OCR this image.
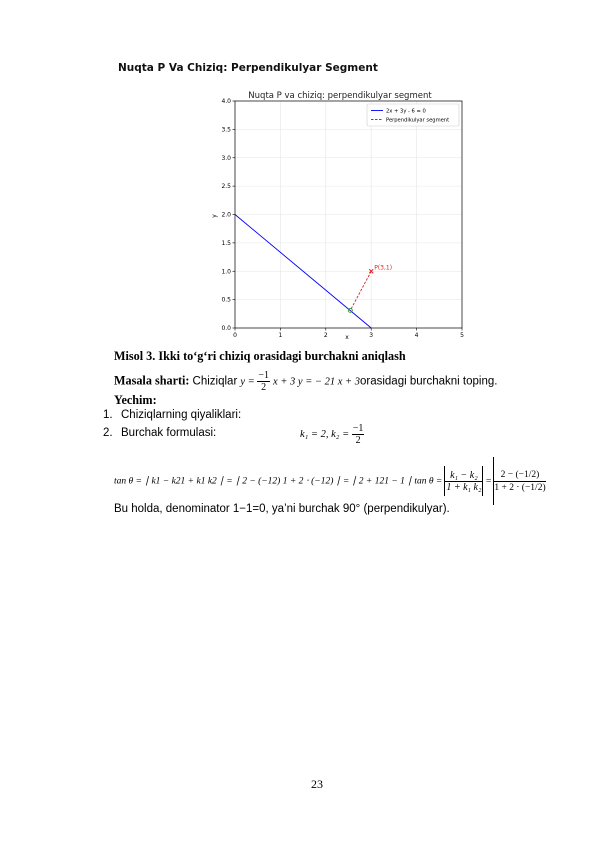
Nuqta P Va Chiziq: Perpendikulyar Segment
Nuqta P va chiziq: perpendikulyar segment
0	1	2	3	4	5
0.0
0.5
1.0
1.5
2.0
2.5
3.0
3.5
4.0
P(3,1)
2x + 3y - 6 = 0
Perpendikulyar segment
x
y
Misol 3. Ikki to‘g‘ri chiziq orasidagi burchakni aniqlash
Masala sharti: Chiziqlar $y = \frac{-1}{2}$ x + 3 y = − 21 x + 3orasidagi burchakni toping.
Yechim:
1. Chiziqlarning qiyaliklari:
k₁ = 2, $k_2 = \frac{-1}{2}$
2. Burchak formulasi:
tan θ = ∣ k1 − k21 + k1 k2 ∣ = ∣ 2 − (−12) 1 + 2 ⋅ (−12) ∣ = ∣ 2 + 121 − 1 ∣ $\tan \theta = \frac{\text{k₁ − k₂}}{\text{1 + k₁ k₂}} = \frac{2 - (-1/2)}{1 + 2 \cdot (-1/2)}$
Bu holda, denominator 1−1=0, ya’ni burchak 90° (perpendikulyar).
23
